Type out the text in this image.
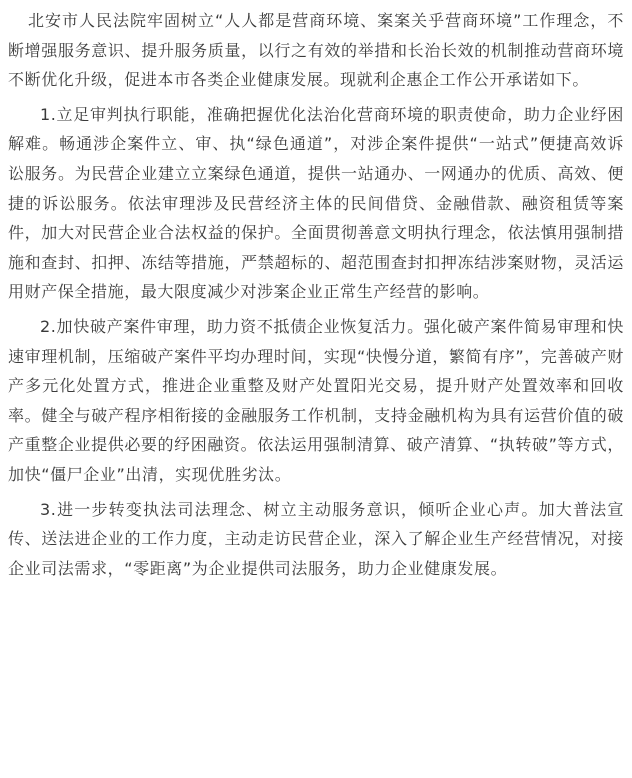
北安市人民法院牢固树立“人人都是营商环境、案案关乎营商环境”工作理念，不断增强服务意识、提升服务质量，以行之有效的举措和长治长效的机制推动营商环境不断优化升级，促进本市各类企业健康发展。现就利企惠企工作公开承诺如下。

1.立足审判执行职能，准确把握优化法治化营商环境的职责使命，助力企业纾困解难。畅通涉企案件立、审、执“绿色通道”，对涉企案件提供“一站式”便捷高效诉讼服务。为民营企业建立立案绿色通道，提供一站通办、一网通办的优质、高效、便捷的诉讼服务。依法审理涉及民营经济主体的民间借贷、金融借款、融资租赁等案件，加大对民营企业合法权益的保护。全面贯彻善意文明执行理念，依法慎用强制措施和查封、扣押、冻结等措施，严禁超标的、超范围查封扣押冻结涉案财物，灵活运用财产保全措施，最大限度减少对涉案企业正常生产经营的影响。

2.加快破产案件审理，助力资不抵债企业恢复活力。强化破产案件简易审理和快速审理机制，压缩破产案件平均办理时间，实现“快慢分道，繁简有序”，完善破产财产多元化处置方式，推进企业重整及财产处置阳光交易，提升财产处置效率和回收率。健全与破产程序相衔接的金融服务工作机制，支持金融机构为具有运营价值的破产重整企业提供必要的纾困融资。依法运用强制清算、破产清算、“执转破”等方式，加快“僵尸企业”出清，实现优胜劣汰。

3.进一步转变执法司法理念、树立主动服务意识，倾听企业心声。加大普法宣传、送法进企业的工作力度，主动走访民营企业，深入了解企业生产经营情况，对接企业司法需求，“零距离”为企业提供司法服务，助力企业健康发展。
